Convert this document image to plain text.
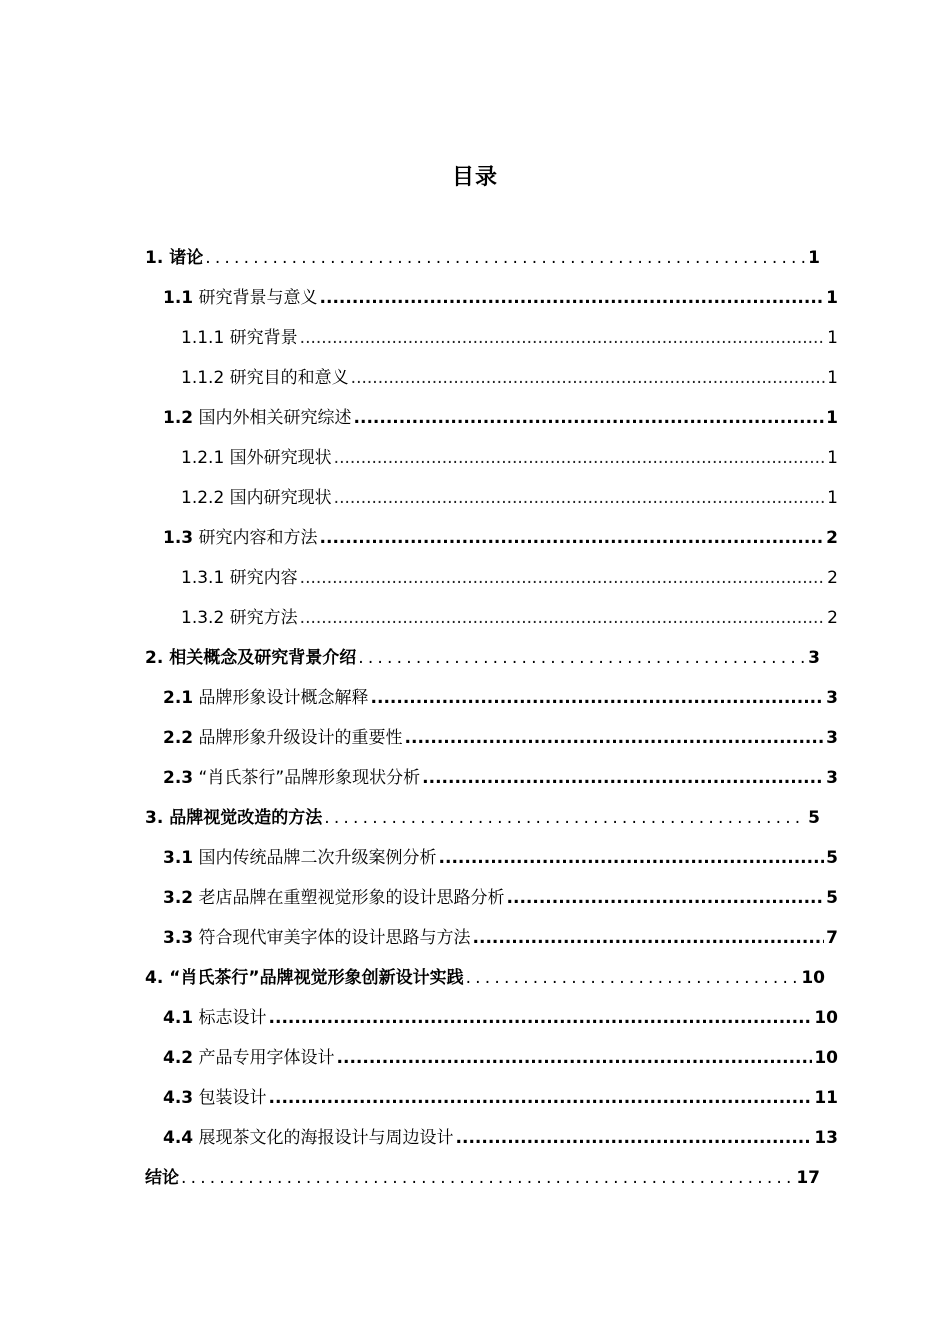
目录
1. 诸论 .....	1
1.1 研究背景与意义 .....	1
1.1.1 研究背景 .....	1
1.1.2 研究目的和意义 .....	1
1.2 国内外相关研究综述 .....	1
1.2.1 国外研究现状 .....	1
1.2.2 国内研究现状 .....	1
1.3 研究内容和方法 .....	2
1.3.1 研究内容 .....	2
1.3.2 研究方法 .....	2
2. 相关概念及研究背景介绍 .....	3
2.1 品牌形象设计概念解释 .....	3
2.2 品牌形象升级设计的重要性 .....	3
2.3 “肖氏茶行”品牌形象现状分析 .....	3
3. 品牌视觉改造的方法 .....	5
3.1 国内传统品牌二次升级案例分析 .....	5
3.2 老店品牌在重塑视觉形象的设计思路分析 .....	5
3.3 符合现代审美字体的设计思路与方法 .....	7
4. “肖氏茶行”品牌视觉形象创新设计实践 .....	10
4.1 标志设计 .....	10
4.2 产品专用字体设计 .....	10
4.3 包装设计 .....	11
4.4 展现茶文化的海报设计与周边设计 .....	13
结论 .....	17
